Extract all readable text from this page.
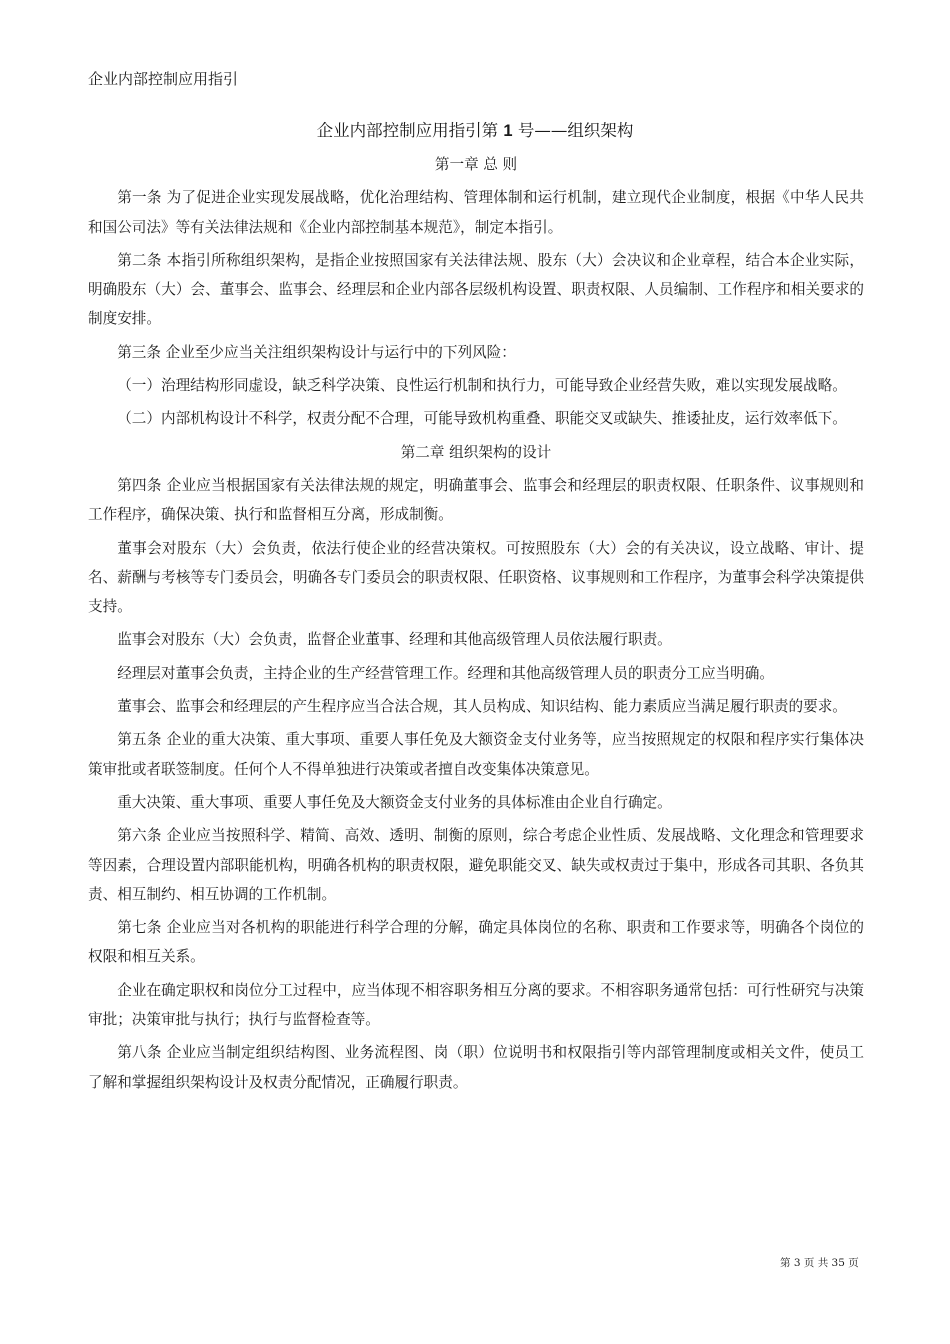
企业内部控制应用指引
企业内部控制应用指引第 1 号——组织架构

第一章 总 则

第一条 为了促进企业实现发展战略，优化治理结构、管理体制和运行机制，建立现代企业制度，根据《中华人民共和国公司法》等有关法律法规和《企业内部控制基本规范》，制定本指引。

第二条 本指引所称组织架构，是指企业按照国家有关法律法规、股东（大）会决议和企业章程，结合本企业实际，明确股东（大）会、董事会、监事会、经理层和企业内部各层级机构设置、职责权限、人员编制、工作程序和相关要求的制度安排。

第三条 企业至少应当关注组织架构设计与运行中的下列风险：

（一）治理结构形同虚设，缺乏科学决策、良性运行机制和执行力，可能导致企业经营失败，难以实现发展战略。

（二）内部机构设计不科学，权责分配不合理，可能导致机构重叠、职能交叉或缺失、推诿扯皮，运行效率低下。

第二章 组织架构的设计

第四条 企业应当根据国家有关法律法规的规定，明确董事会、监事会和经理层的职责权限、任职条件、议事规则和工作程序，确保决策、执行和监督相互分离，形成制衡。

董事会对股东（大）会负责，依法行使企业的经营决策权。可按照股东（大）会的有关决议，设立战略、审计、提名、薪酬与考核等专门委员会，明确各专门委员会的职责权限、任职资格、议事规则和工作程序，为董事会科学决策提供支持。

监事会对股东（大）会负责，监督企业董事、经理和其他高级管理人员依法履行职责。

经理层对董事会负责，主持企业的生产经营管理工作。经理和其他高级管理人员的职责分工应当明确。

董事会、监事会和经理层的产生程序应当合法合规，其人员构成、知识结构、能力素质应当满足履行职责的要求。

第五条 企业的重大决策、重大事项、重要人事任免及大额资金支付业务等，应当按照规定的权限和程序实行集体决策审批或者联签制度。任何个人不得单独进行决策或者擅自改变集体决策意见。

重大决策、重大事项、重要人事任免及大额资金支付业务的具体标准由企业自行确定。

第六条 企业应当按照科学、精简、高效、透明、制衡的原则，综合考虑企业性质、发展战略、文化理念和管理要求等因素，合理设置内部职能机构，明确各机构的职责权限，避免职能交叉、缺失或权责过于集中，形成各司其职、各负其责、相互制约、相互协调的工作机制。

第七条 企业应当对各机构的职能进行科学合理的分解，确定具体岗位的名称、职责和工作要求等，明确各个岗位的权限和相互关系。

企业在确定职权和岗位分工过程中，应当体现不相容职务相互分离的要求。不相容职务通常包括：可行性研究与决策审批；决策审批与执行；执行与监督检查等。

第八条 企业应当制定组织结构图、业务流程图、岗（职）位说明书和权限指引等内部管理制度或相关文件，使员工了解和掌握组织架构设计及权责分配情况，正确履行职责。

第 3 页 共 35 页
